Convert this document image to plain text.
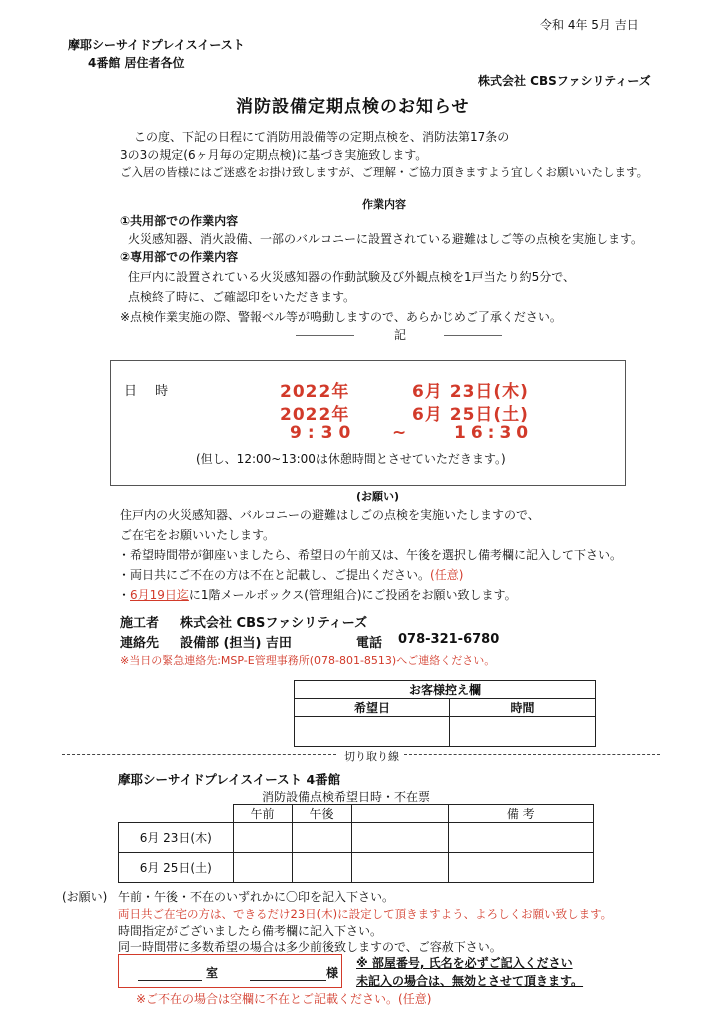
令和 4年 5月 吉日
摩耶シーサイドプレイスイースト
4番館 居住者各位
株式会社 CBSファシリティーズ
消防設備定期点検のお知らせ
この度、下記の日程にて消防用設備等の定期点検を、消防法第17条の
3の3の規定(6ヶ月毎の定期点検)に基づき実施致します。
ご入居の皆様にはご迷惑をお掛け致しますが、ご理解・ご協力頂きますよう宜しくお願いいたします。
作業内容
①共用部での作業内容
火災感知器、消火設備、一部のバルコニーに設置されている避難はしご等の点検を実施します。
②専用部での作業内容
住戸内に設置されている火災感知器の作動試験及び外観点検を1戸当たり約5分で、
点検終了時に、ご確認印をいただきます。
※点検作業実施の際、警報ベル等が鳴動しますので、あらかじめご了承ください。
記
日 時	2022年	6月 23日(木)
2022年	6月 25日(土)
9:30 ~	16:30
(但し、12:00~13:00は休憩時間とさせていただきます。)
(お願い)
住戸内の火災感知器、バルコニーの避難はしごの点検を実施いたしますので、
ご在宅をお願いいたします。
・希望時間帯が御座いましたら、希望日の午前又は、午後を選択し備考欄に記入して下さい。
・両日共にご不在の方は不在と記載し、ご提出ください。(任意)
・6月19日迄に1階メールボックス(管理組合)にご投函をお願い致します。
施工者 株式会社 CBSファシリティーズ
連絡先 設備部 (担当) 吉田	電話 078-321-6780
※当日の緊急連絡先:MSP-E管理事務所(078-801-8513)へご連絡ください。
お客様控え欄	
希望日	時間

切り取り線
摩耶シーサイドプレイスイースト 4番館
消防設備点検希望日時・不在票
	午前	午後		備 考
6月 23日(木)				
6月 25日(土)				
(お願い) 午前・午後・不在のいずれかに〇印を記入下さい。
両日共ご在宅の方は、できるだけ23日(木)に設定して頂きますよう、よろしくお願い致します。
時間指定がございましたら備考欄に記入下さい。
同一時間帯に多数希望の場合は多少前後致しますので、ご容赦下さい。
室	様
※ 部屋番号, 氏名を必ずご記入ください
未記入の場合は、無効とさせて頂きます。
※ご不在の場合は空欄に不在とご記載ください。(任意)
